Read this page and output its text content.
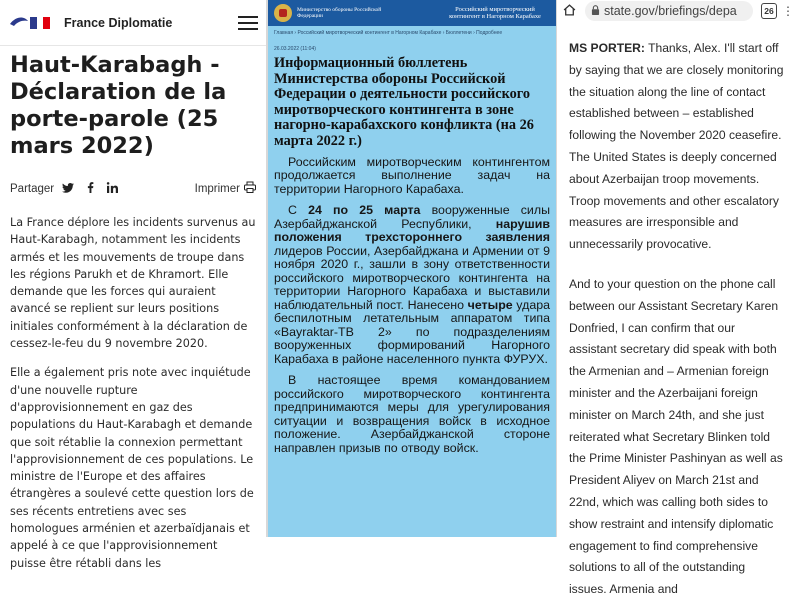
France Diplomatie
Haut-Karabagh - Déclaration de la porte-parole (25 mars 2022)
Partager	Imprimer

La France déplore les incidents survenus au Haut-Karabagh, notamment les incidents armés et les mouvements de troupe dans les régions Parukh et de Khramort. Elle demande que les forces qui auraient avancé se replient sur leurs positions initiales conformément à la déclaration de cessez-le-feu du 9 novembre 2020.

Elle a également pris note avec inquiétude d'une nouvelle rupture d'approvisionnement en gaz des populations du Haut-Karabagh et demande que soit rétablie la connexion permettant l'approvisionnement de ces populations. Le ministre de l'Europe et des affaires étrangères a soulevé cette question lors de ses récents entretiens avec ses homologues arménien et azerbaïdjanais et appelé à ce que l'approvisionnement puisse être rétabli dans les

Министерство обороны Российской Федерации
Российский миротворческий контингент в Нагорном Карабахе
Главная › Российский миротворческий контингент в Нагорном Карабахе › Бюллетени › Подробнее
26.03.2022 (11:04)
Информационный бюллетень Министерства обороны Российской Федерации о деятельности российского миротворческого контингента в зоне нагорно-карабахского конфликта (на 26 марта 2022 г.)

Российским миротворческим контингентом продолжается выполнение задач на территории Нагорного Карабаха.

С 24 по 25 марта вооруженные силы Азербайджанской Республики, нарушив положения трехстороннего заявления лидеров России, Азербайджана и Армении от 9 ноября 2020 г., зашли в зону ответственности российского миротворческого контингента на территории Нагорного Карабаха и выставили наблюдательный пост. Нанесено четыре удара беспилотным летательным аппаратом типа «Bayraktar-ТВ 2» по подразделениям вооруженных формирований Нагорного Карабаха в районе населенного пункта ФУРУХ.

В настоящее время командованием российского миротворческого контингента предпринимаются меры для урегулирования ситуации и возвращения войск в исходное положение. Азербайджанской стороне направлен призыв по отводу войск.

state.gov/briefings/depa	26 ⋮

MS PORTER: Thanks, Alex. I'll start off by saying that we are closely monitoring the situation along the line of contact established between – established following the November 2020 ceasefire. The United States is deeply concerned about Azerbaijan troop movements. Troop movements and other escalatory measures are irresponsible and unnecessarily provocative.

And to your question on the phone call between our Assistant Secretary Karen Donfried, I can confirm that our assistant secretary did speak with both the Armenian and – Armenian foreign minister and the Azerbaijani foreign minister on March 24th, and she just reiterated what Secretary Blinken told the Prime Minister Pashinyan as well as President Aliyev on March 21st and 22nd, which was calling both sides to show restraint and intensify diplomatic engagement to find comprehensive solutions to all of the outstanding issues. Armenia and
